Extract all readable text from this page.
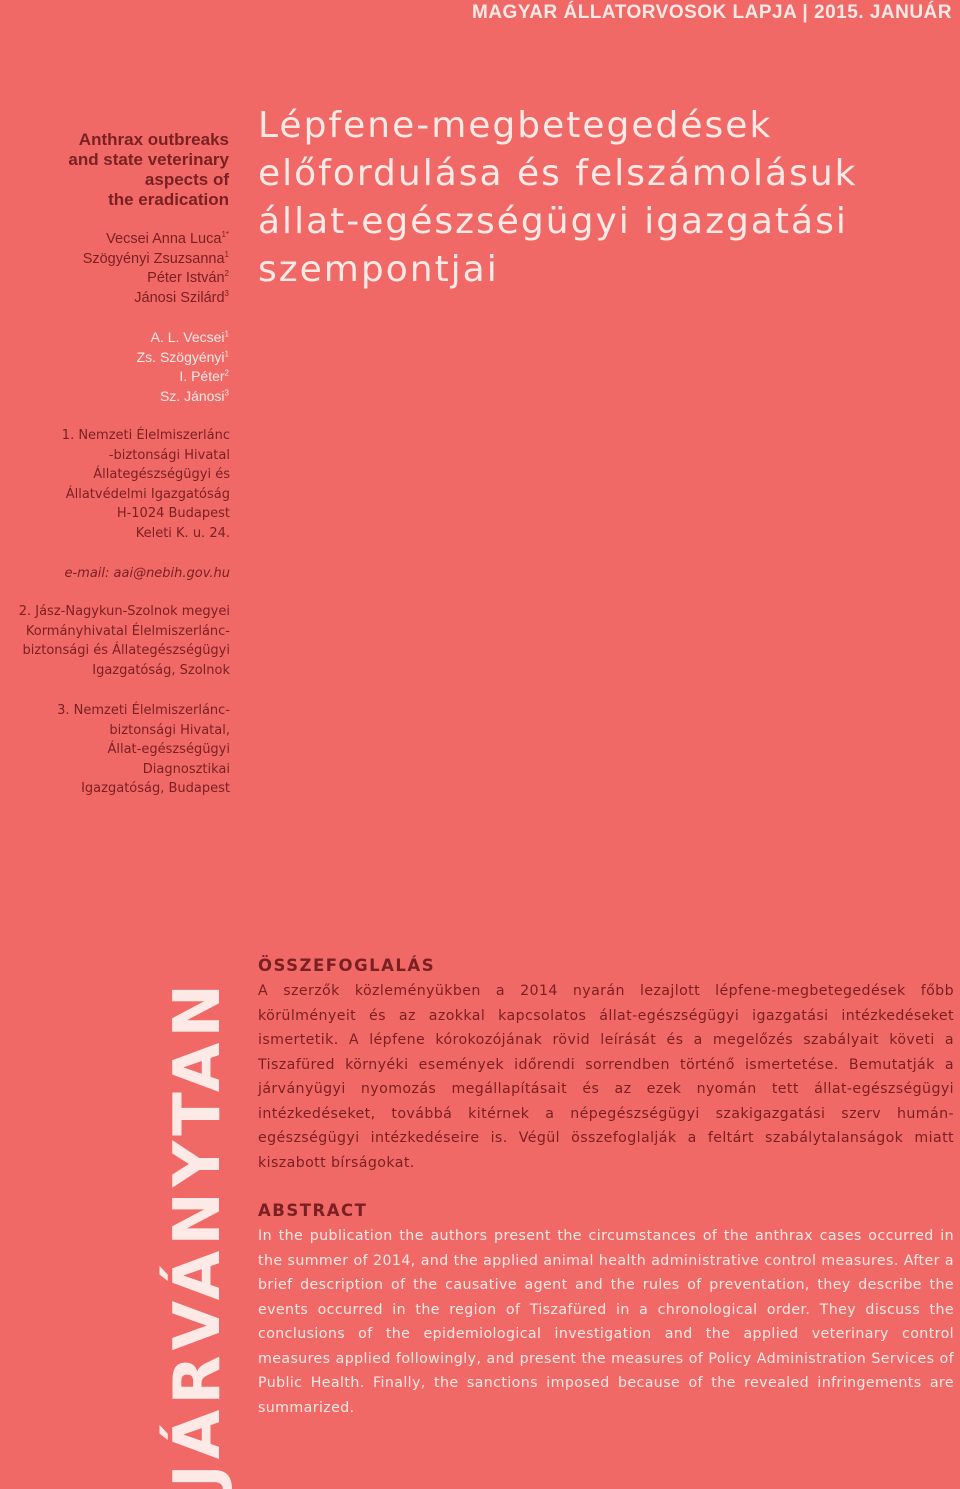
MAGYAR ÁLLATORVOSOK LAPJA | 2015. JANUÁR
Lépfene-megbetegedések
előfordulása és felszámolásuk
állat-egészségügyi igazgatási
szempontjai
Anthrax outbreaks
and state veterinary
aspects of
the eradication
Vecsei Anna Luca$^{1*}$
Szögyényi Zsuzsanna$^1$
Péter István$^2$
Jánosi Szilárd$^3$
A. L. Vecsei$^1$
Zs. Szögyényi$^1$
I. Péter$^2$
Sz. Jánosi$^3$
1. Nemzeti Élelmiszerlánc
-biztonsági Hivatal
Állategészségügyi és
Állatvédelmi Igazgatóság
H-1024 Budapest
Keleti K. u. 24.
e-mail: aai@nebih.gov.hu
2. Jász-Nagykun-Szolnok megyei
Kormányhivatal Élelmiszerlánc-
biztonsági és Állategészségügyi
Igazgatóság, Szolnok
3. Nemzeti Élelmiszerlánc-
biztonsági Hivatal,
Állat-egészségügyi
Diagnosztikai
Igazgatóság, Budapest
JÁRVÁNYTAN
ÖSSZEFOGLALÁS

A szerzők közleményükben a 2014 nyarán lezajlott lépfene-megbetegedések főbb körülményeit és az azokkal kapcsolatos állat-egészségügyi igazgatási intézkedéseket ismertetik. A lépfene kórokozójának rövid leírását és a megelőzés szabályait követi a Tiszafüred környéki események időrendi sorrendben történő ismertetése. Bemutatják a járványügyi nyomozás megállapításait és az ezek nyomán tett állat-egészségügyi intézkedéseket, továbbá kitérnek a népegészségügyi szakigazgatási szerv humán-egészségügyi intézkedéseire is. Végül összefoglalják a feltárt szabálytalanságok miatt kiszabott bírságokat.

ABSTRACT

In the publication the authors present the circumstances of the anthrax cases occurred in the summer of 2014, and the applied animal health administrative control measures. After a brief description of the causative agent and the rules of preventation, they describe the events occurred in the region of Tiszafüred in a chronological order. They discuss the conclusions of the epidemiological investigation and the applied veterinary control measures applied followingly, and present the measures of Policy Administration Services of Public Health. Finally, the sanctions imposed because of the revealed infringements are summarized.
